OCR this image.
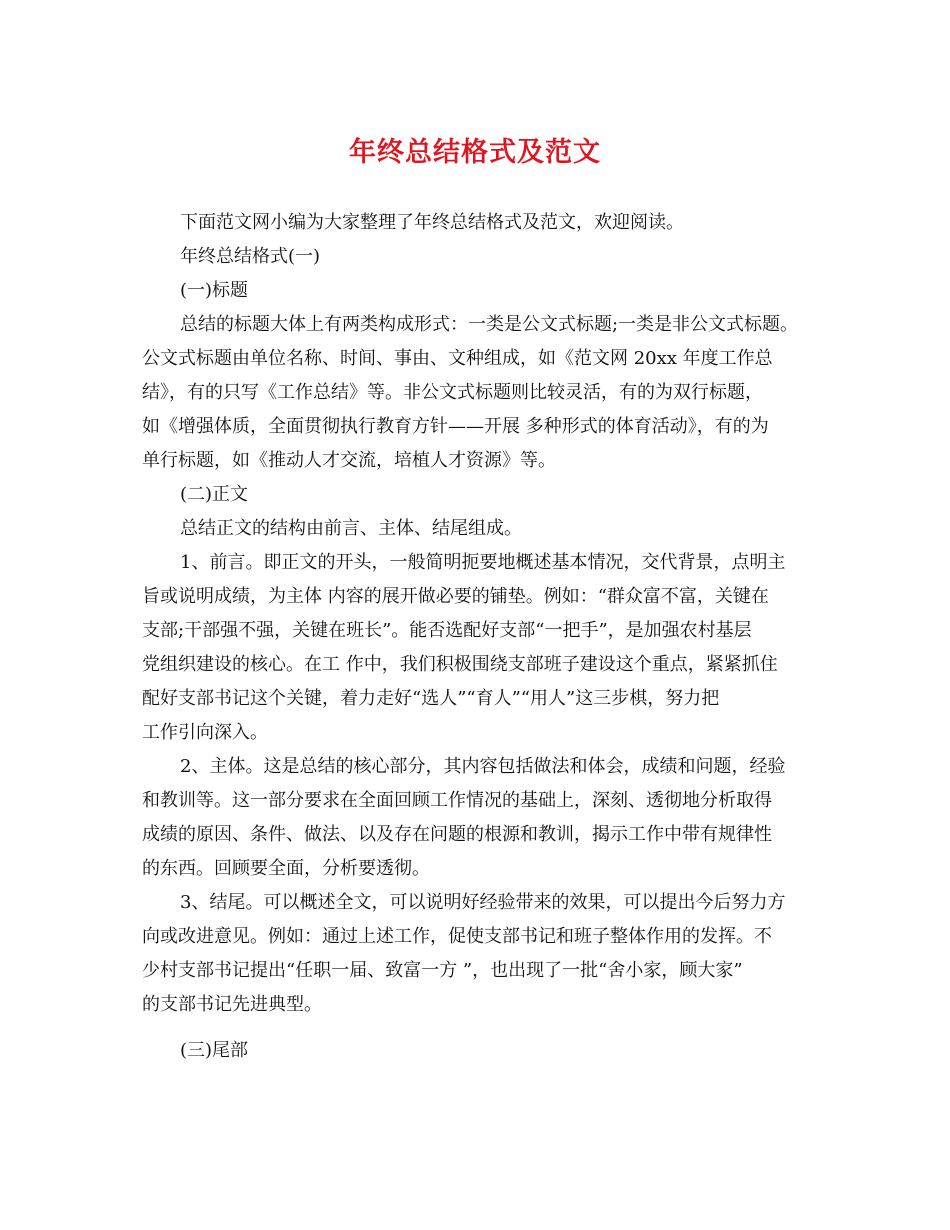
年终总结格式及范文
下面范文网小编为大家整理了年终总结格式及范文，欢迎阅读。
年终总结格式(一)
(一)标题
总结的标题大体上有两类构成形式：一类是公文式标题;一类是非公文式标题。
公文式标题由单位名称、时间、事由、文种组成，如《范文网 20xx 年度工作总
结》，有的只写《工作总结》等。非公文式标题则比较灵活，有的为双行标题，
如《增强体质，全面贯彻执行教育方针——开展 多种形式的体育活动》，有的为
单行标题，如《推动人才交流，培植人才资源》等。
(二)正文
总结正文的结构由前言、主体、结尾组成。
1、前言。即正文的开头，一般简明扼要地概述基本情况，交代背景，点明主
旨或说明成绩，为主体 内容的展开做必要的铺垫。例如：“群众富不富，关键在
支部;干部强不强，关键在班长”。能否选配好支部“一把手”，是加强农村基层
党组织建设的核心。在工 作中，我们积极围绕支部班子建设这个重点，紧紧抓住
配好支部书记这个关键，着力走好“选人”“育人”“用人”这三步棋，努力把
工作引向深入。
2、主体。这是总结的核心部分，其内容包括做法和体会，成绩和问题，经验
和教训等。这一部分要求在全面回顾工作情况的基础上，深刻、透彻地分析取得
成绩的原因、条件、做法、以及存在问题的根源和教训，揭示工作中带有规律性
的东西。回顾要全面，分析要透彻。
3、结尾。可以概述全文，可以说明好经验带来的效果，可以提出今后努力方
向或改进意见。例如：通过上述工作，促使支部书记和班子整体作用的发挥。不
少村支部书记提出“任职一届、致富一方 ”，也出现了一批“舍小家，顾大家”
的支部书记先进典型。
(三)尾部
